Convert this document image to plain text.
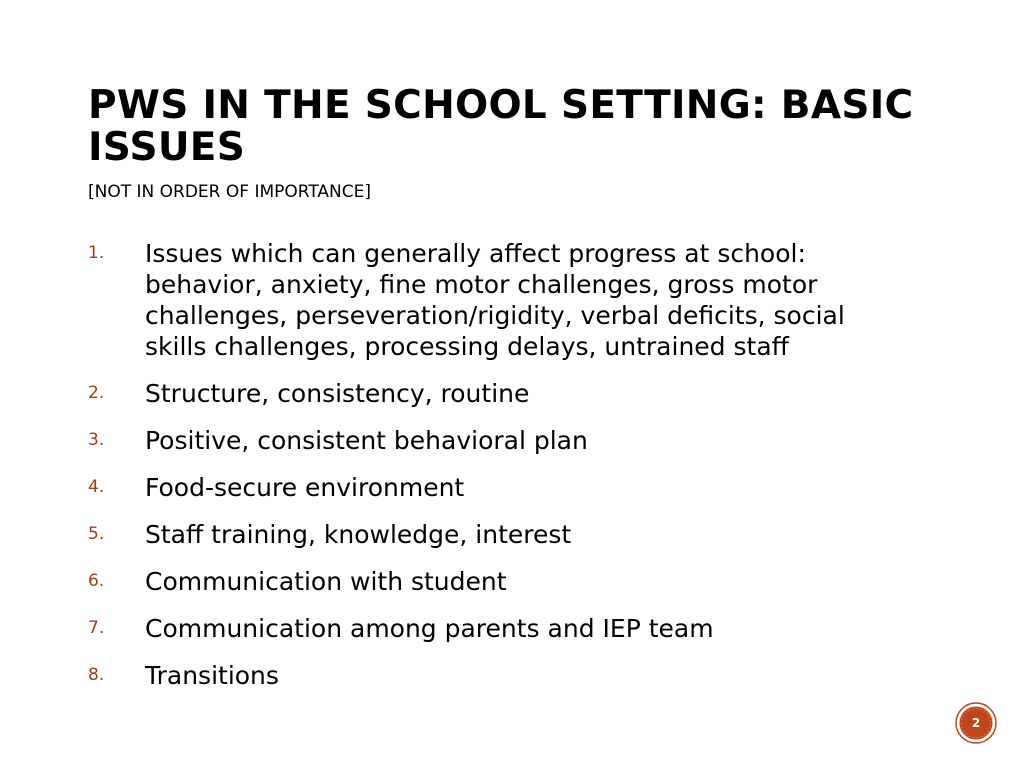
PWS IN THE SCHOOL SETTING: BASIC ISSUES
[NOT IN ORDER OF IMPORTANCE]
1. Issues which can generally affect progress at school: behavior, anxiety, fine motor challenges, gross motor challenges, perseveration/rigidity, verbal deficits, social skills challenges, processing delays, untrained staff
2. Structure, consistency, routine
3. Positive, consistent behavioral plan
4. Food-secure environment
5. Staff training, knowledge, interest
6. Communication with student
7. Communication among parents and IEP team
8. Transitions
2
